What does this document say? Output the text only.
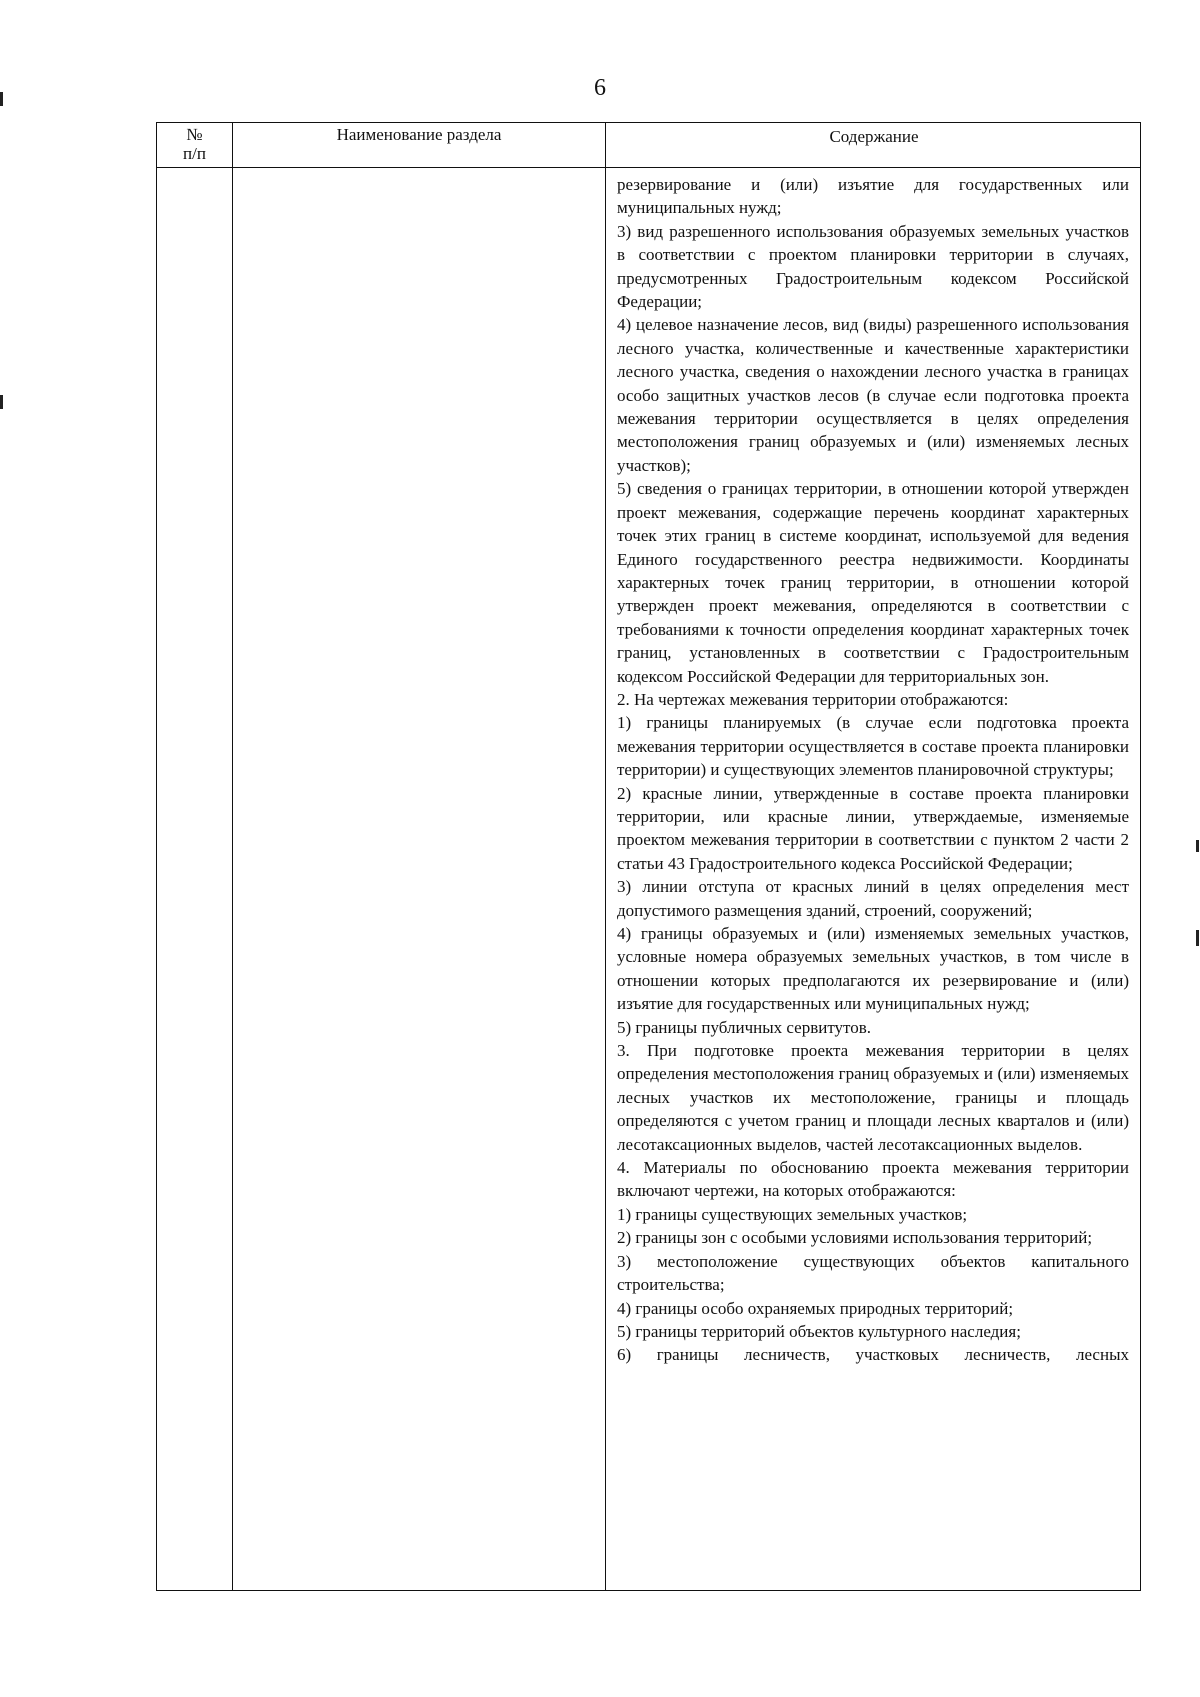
6
№
п/п
Наименование раздела	Содержание
резервирование и (или) изъятие для государственных или муниципальных нужд;
3) вид разрешенного использования образуемых земельных участков в соответствии с проектом планировки территории в случаях, предусмотренных Градостроительным кодексом Российской Федерации;
4) целевое назначение лесов, вид (виды) разрешенного использования лесного участка, количественные и качественные характеристики лесного участка, сведения о нахождении лесного участка в границах особо защитных участков лесов (в случае если подготовка проекта межевания территории осуществляется в целях определения местоположения границ образуемых и (или) изменяемых лесных участков);
5) сведения о границах территории, в отношении которой утвержден проект межевания, содержащие перечень координат характерных точек этих границ в системе координат, используемой для ведения Единого государственного реестра недвижимости. Координаты характерных точек границ территории, в отношении которой утвержден проект межевания, определяются в соответствии с требованиями к точности определения координат характерных точек границ, установленных в соответствии с Градостроительным кодексом Российской Федерации для территориальных зон.
2. На чертежах межевания территории отображаются:
1) границы планируемых (в случае если подготовка проекта межевания территории осуществляется в составе проекта планировки территории) и существующих элементов планировочной структуры;
2) красные линии, утвержденные в составе проекта планировки территории, или красные линии, утверждаемые, изменяемые проектом межевания территории в соответствии с пунктом 2 части 2 статьи 43 Градостроительного кодекса Российской Федерации;
3) линии отступа от красных линий в целях определения мест допустимого размещения зданий, строений, сооружений;
4) границы образуемых и (или) изменяемых земельных участков, условные номера образуемых земельных участков, в том числе в отношении которых предполагаются их резервирование и (или) изъятие для государственных или муниципальных нужд;
5) границы публичных сервитутов.
3. При подготовке проекта межевания территории в целях определения местоположения границ образуемых и (или) изменяемых лесных участков их местоположение, границы и площадь определяются с учетом границ и площади лесных кварталов и (или) лесотаксационных выделов, частей лесотаксационных выделов.
4. Материалы по обоснованию проекта межевания территории включают чертежи, на которых отображаются:
1) границы существующих земельных участков;
2) границы зон с особыми условиями использования территорий;
3) местоположение существующих объектов капитального строительства;
4) границы особо охраняемых природных территорий;
5) границы территорий объектов культурного наследия;
6) границы лесничеств, участковых лесничеств, лесных
